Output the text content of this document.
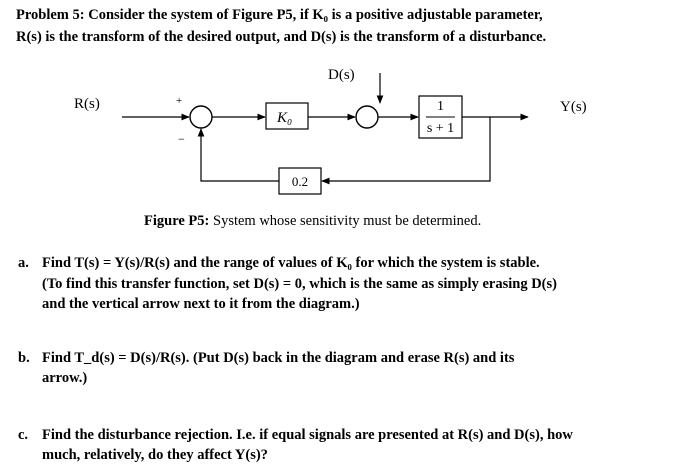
Problem 5: Consider the system of Figure P5, if K₀ is a positive adjustable parameter,
R(s) is the transform of the desired output, and D(s) is the transform of a disturbance.
R(s)	Y(s)
D(s)
+
−
K₀
1
s + 1
0.2
Figure P5: System whose sensitivity must be determined.
a. Find T(s) = Y(s)/R(s) and the range of values of K₀ for which the system is stable.
(To find this transfer function, set D(s) = 0, which is the same as simply erasing D(s)
and the vertical arrow next to it from the diagram.)
b. Find T_d(s) = D(s)/R(s). (Put D(s) back in the diagram and erase R(s) and its
arrow.)
c. Find the disturbance rejection. I.e. if equal signals are presented at R(s) and D(s), how
much, relatively, do they affect Y(s)?
